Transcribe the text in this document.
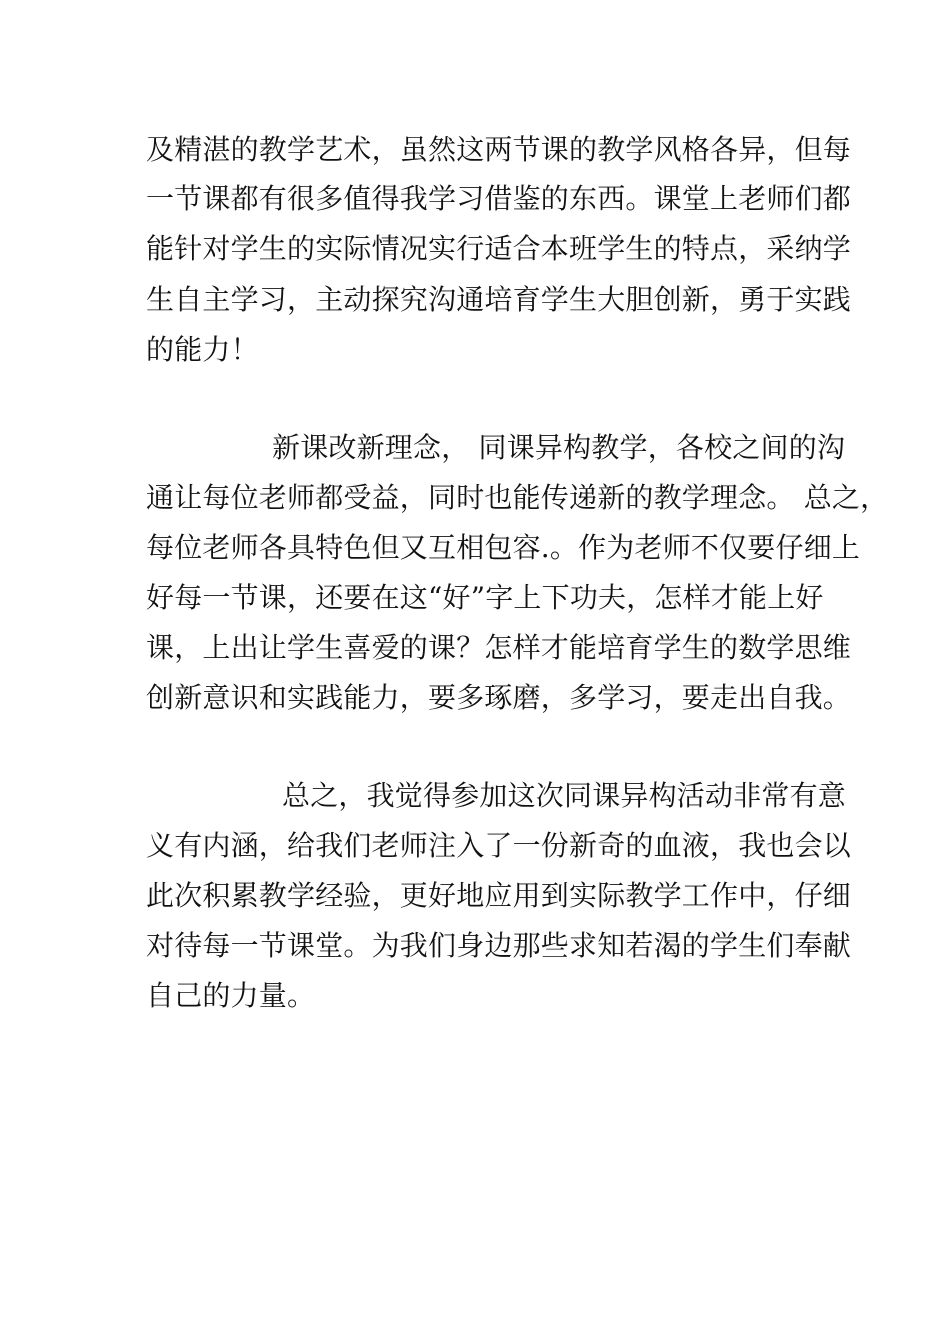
及精湛的教学艺术，虽然这两节课的教学风格各异，但每
一节课都有很多值得我学习借鉴的东西。课堂上老师们都
能针对学生的实际情况实行适合本班学生的特点，采纳学
生自主学习，主动探究沟通培育学生大胆创新，勇于实践
的能力！
新课改新理念， 同课异构教学，各校之间的沟
通让每位老师都受益，同时也能传递新的教学理念。 总之，
每位老师各具特色但又互相包容.。作为老师不仅要仔细上
好每一节课，还要在这“好”字上下功夫，怎样才能上好
课，上出让学生喜爱的课？怎样才能培育学生的数学思维
创新意识和实践能力，要多琢磨，多学习，要走出自我。
总之，我觉得参加这次同课异构活动非常有意
义有内涵，给我们老师注入了一份新奇的血液，我也会以
此次积累教学经验，更好地应用到实际教学工作中，仔细
对待每一节课堂。为我们身边那些求知若渴的学生们奉献
自己的力量。
